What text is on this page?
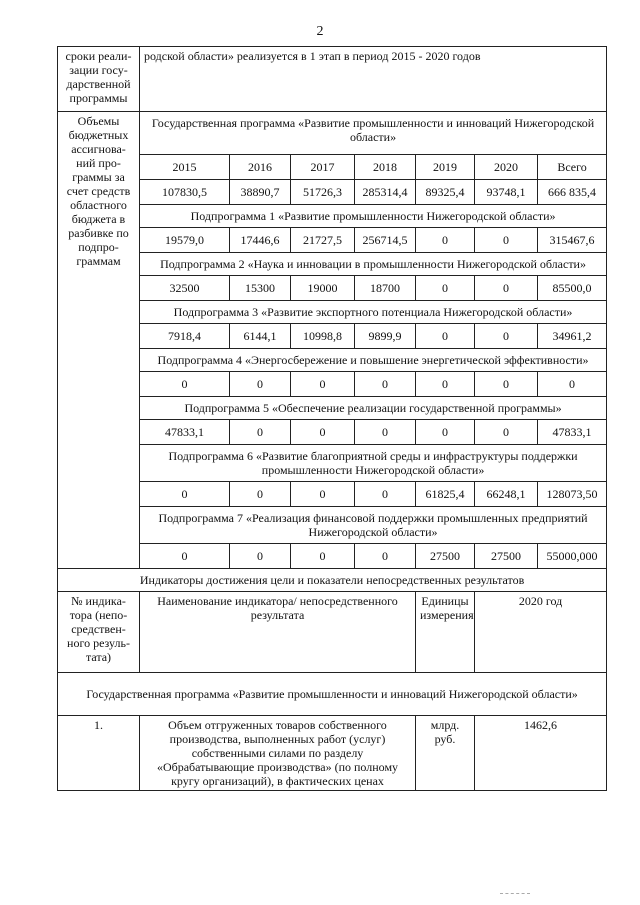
2
сроки реали-зации госу-дарственной программы	родской области» реализуется в 1 этап в период 2015 - 2020 годов						
Объемы бюджетных ассигнова-ний про-граммы за счет средств областного бюджета в разбивке по подпро-граммам	Государственная программа «Развитие промышленности и инноваций Нижегородской области»						
	2015	2016	2017	2018	2019	2020	Всего
	107830,5	38890,7	51726,3	285314,4	89325,4	93748,1	666 835,4
	Подпрограмма 1 «Развитие промышленности Нижегородской области»						
	19579,0	17446,6	21727,5	256714,5	0	0	315467,6
	Подпрограмма 2 «Наука и инновации в промышленности Нижегородской области»						
	32500	15300	19000	18700	0	0	85500,0
	Подпрограмма 3 «Развитие экспортного потенциала Нижегородской области»						
	7918,4	6144,1	10998,8	9899,9	0	0	34961,2
	Подпрограмма 4 «Энергосбережение и повышение энергетической эффективности»						
	0	0	0	0	0	0	0
	Подпрограмма 5 «Обеспечение реализации государственной программы»						
	47833,1	0	0	0	0	0	47833,1
	Подпрограмма 6 «Развитие благоприятной среды и инфраструктуры поддержки промышленности Нижегородской области»						
	0	0	0	0	61825,4	66248,1	128073,50
	Подпрограмма 7 «Реализация финансовой поддержки промышленных предприятий Нижегородской области»						
	0	0	0	0	27500	27500	55000,000
Индикаторы достижения цели и показатели непосредственных результатов							
№ индика-тора (непо-средствен-ного резуль-тата)	Наименование индикатора/ непосредственного результата				Единицы измерения	2020 год	
Государственная программа «Развитие промышленности и инноваций Нижегородской области»							
1.	Объем отгруженных товаров собственного производства, выполненных работ (услуг) собственными силами по разделу «Обрабатывающие производства» (по полному кругу организаций), в фактических ценах				млрд. руб.	1462,6	
